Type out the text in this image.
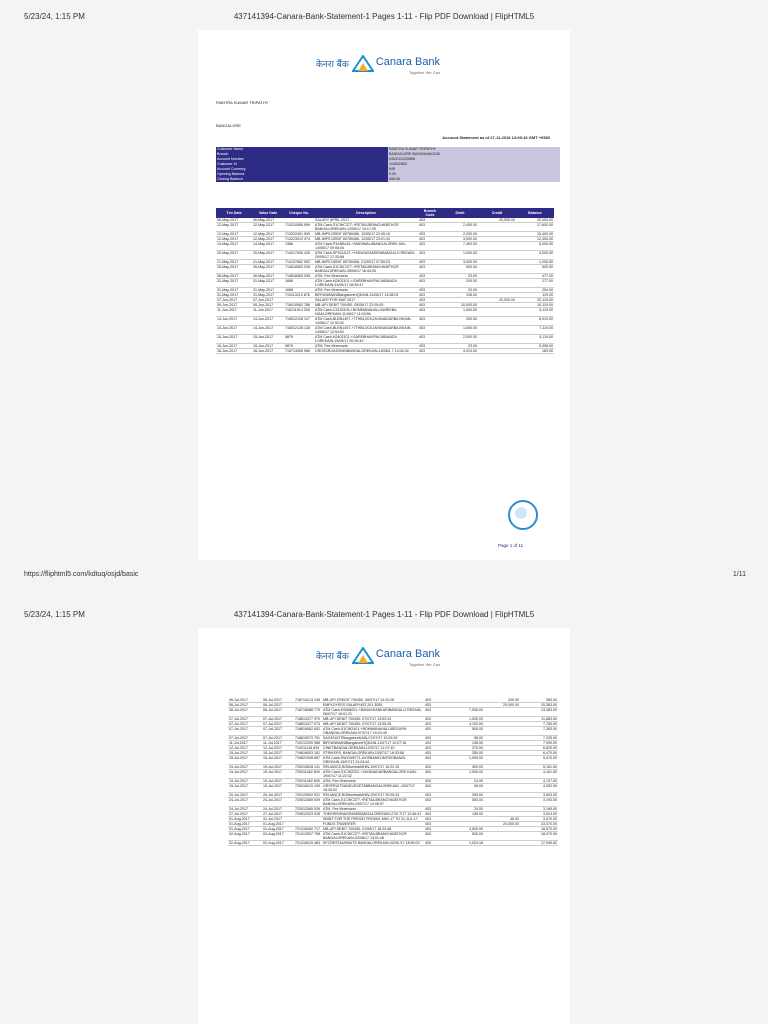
5/23/24, 1:15 PM	437141394-Canara-Bank-Statement-1 Pages 1-11 - Flip PDF Download | FlipHTML5
केनरा बैंक Canara Bank
Together We Can
PABITRA KUMAR TRIPATHY
BANGALORE
Account Statement as of 27-11-2019 13:09:10 GMT +0530
Customer Name	PABITRA KUMAR TRIPATHY
Branch	BANGALORE BASAVANAGUDI
Account Number	0403101200866
Customer Id	104842863
Account Currency	INR
Opening Balance	0.00
Closing Balance	668.66
Txn Date	Value Date	Cheque No.	Description	Branch Code	Debit	Credit	Balance
06-May-2017	06-May-2017		SALARY APRIL 2017	403		20,000.00	20,000.00
12-May-2017	12-May-2017	713210065 599	ATM Cash-S1CWC377-+RETAILBRANCH408THCR BANGALOREKAIN-12/05/17 10:17:25	403	2,450.00		17,600.00
12-May-2017	12-May-2017	713222401 599	MB-IMPS DEBIT 80789456- 12/05/17 22:45:15	403	2,200.00		15,400.00
12-May-2017	12-May-2017	713223013 474	MB-IMPS DEBIT 80789456- 12/05/17 23:01:34	403	3,000.00		12,400.00
14-May-2017	14-May-2017	1366	ATM Cash-P3ANBL51-+MADIWALABANGALOREK AIN-14/05/17 09:08:04	403	7,400.00		5,000.00
20-May-2017	20-May-2017	714017006 430	ATM Cash-SPCNJ127-+HONGASANDRABANGALO REKAIN-20/05/17 17:33:58	403	1,000.00		4,000.00
21-May-2017	21-May-2017	714107662 952	MB-IMPS DEBIT 80789456- 21/05/17 07:59:23	403	3,000.00		1,000.00
26-May-2017	26-May-2017	714616063 035	ATM Cash-S1CWC377-+RETAILBRANCH408THCR BANGALOREKAIN-26/05/17 16:44:25	403	500.00		500.00
26-May-2017	26-May-2017	714616063 035	ATM, Fee Mnemonic	403	23.00		477.00
31-May-2017	31-May-2017	1668	ATM Cash-H2402101-+GAREBHAVIPALYABANGA LOREKAIN-31/05/17 08:39:47	403	200.00		277.00
31-May-2017	31-May-2017	1668	ATM, Fee Mnemonic	403	23.00		254.00
31-May-2017	31-May-2017	715113210 676	BIRYANIMANIBangaloreHQKAIN-31/05/17 13:08:03	403	135.00		119.00
07-Jun-2017	07-Jun-2017		SALARY FOR MAY 2017	403		20,000.00	20,119.00
09-Jun-2017	09-Jun-2017	716010062 786	MB-UPI DEBIT 700450- 09/06/17 22:05:09	403	10,000.00		10,119.00
11-Jun-2017	11-Jun-2017	716211014 335	ATM Cash-C3133105-+BOMMANAHALLIIWRIEBA NGALOREKAIN-11/06/17 11:03:56	403	1,000.00		9,119.00
14-Jun-2017	14-Jun-2017	716512128 127	ATM Cash-BLBN1407-+7THBLOCKJAYANAGARBA NKAIN-14/06/17 12:52:52	403	200.00		8,919.00
14-Jun-2017	14-Jun-2017	716512128 128	ATM Cash-BLBN1407-+7THBLOCKJAYANAGARBA NKAIN-14/06/17 12:54:52	403	1,600.00		7,119.00
15-Jun-2017	15-Jun-2017	5879	ATM Cash-H2402101-+GAREBHAVIPALYABANGA LOREKAIN-15/06/17 20:26:40	403	2,000.00		5,119.00
15-Jun-2017	15-Jun-2017	5879	ATM, Fee Mnemonic	403	23.00		5,096.00
16-Jun-2017	16-Jun-2017	716714065 986	CROSSROADSINNBANGALOREKAIN-16/06/1 7 14:04:34	403	4,913.00		183.00
Page 1 of 11
https://fliphtml5.com/kdtuq/osjd/basic	1/11
5/23/24, 1:15 PM	437141394-Canara-Bank-Statement-1 Pages 1-11 - Flip PDF Download | FlipHTML5
केनरा बैंक Canara Bank
Together We Can
06-Jul-2017	06-Jul-2017	718714213 245	MB-UPI CREDIT 700450- 06/07/17 14:19:26	403		200.00	383.00
06-Jul-2017	06-Jul-2017		EMPLOYEES SALARY403 201 3050	403		20,000.00	20,383.00
06-Jul-2017	06-Jul-2017	718718088 779	ATM Cash-K0068001-+BANASHANKARIBANGALO REKAIN-06/07/17 18:01:21	403	7,000.00		13,383.00
07-Jul-2017	07-Jul-2017	718813477 070	MB-UPI DEBIT 700450- 07/07/17 13:53:33	403	1,500.00		11,883.00
07-Jul-2017	07-Jul-2017	718813477 073	MB-UPI DEBIT 700450- 07/07/17 13:55:35	403	4,100.00		7,783.00
07-Jul-2017	07-Jul-2017	718819062 602	ATM Cash-S1CW2401-+BOMMANAHALLIBEGURH OBANGALOREKAIN-07/07/17 19:23:49	403	500.00		7,283.00
07-Jul-2017	07-Jul-2017	718819073 751	SAGENJOTBangaloreKAIN-07/07/17 19:29:25	403	58.00		7,225.00
11-Jul-2017	11-Jul-2017	719212259 986	BIRYANIMANIBangaloreHQKAIN-11/07/17 12:07:18	403	135.00		7,090.00
12-Jul-2017	12-Jul-2017	719311118 839	CINETBANGALOREKAIN-12/07/17 11:07:40	403	270.00		6,820.00
15-Jul-2017	15-Jul-2017	719616003 181	STRIKERS, BANGALOREKAIN-15/07/17 16:33:58	403	350.00		6,470.00
15-Jul-2017	15-Jul-2017	719621008 667	ATM Cash-SWCW6771-AXISBANKLIMITEDBANGL OREKAIN-15/07/17 21:04:42	403	1,000.00		5,470.00
19-Jul-2017	19-Jul-2017	720010628 131	RELIANCE,BOMumbaiMHIN-19/07/17 10:22:15	403	309.00		5,161.00
19-Jul-2017	19-Jul-2017	720011062 839	ATM Cash-S1CW2202-+JAYANAGARBANGALORE KAIN-19/07/17 11:22:32	403	1,000.00		4,161.00
19-Jul-2017	19-Jul-2017	720011062 839	ATM, Fee Mnemonic	403	24.00		4,137.00
19-Jul-2017	19-Jul-2017	720016015 159	GRSFRUITSANDVEGETABBANGALOREKAIN -19/07/17 16:39:02	403	45.00		4,092.00
20-Jul-2017	20-Jul-2017	720120902 922	RELIANCE,BOMumbaiMHIN-20/07/17 20:09:43	403	399.00		3,693.00
24-Jul-2017	24-Jul-2017	720512065 539	ATM Cash-S1CWC377-+RETAILBRANCH408THCR BANGALOREKAIN-24/07/17 12:06:57	403	500.00		3,193.00
24-Jul-2017	24-Jul-2017	720512065 539	ATM, Fee Mnemonic	403	24.00		3,169.00
27-Jul-2017	27-Jul-2017	720812023 028	THEKRISHNAGRANDBANGALOREKAIN-27/0 7/17 12:46:41	403	145.00		3,024.00
01-Aug-2017	31-Jul-2017		SBINT FOR THE PERIOD FROM01-MAY-17 TO 31-JUL-17	403		46.00	3,070.00
01-Aug-2017	01-Aug-2017		FUNDS TRANSFER	403		20,000.00	23,070.00
01-Aug-2017	01-Aug-2017	721316060 717	MB-UPI DEBIT 700450- 01/08/17 18:23:48	403	4,500.00		18,570.00
02-Aug-2017	02-Aug-2017	721413007 798	ATM Cash-S1CWC377-+RETAILBRANCH408THCR BANGALOREKAIN-02/08/17 13:01:48	403	500.00		18,070.00
02-Aug-2017	02-Aug-2017	721418015 483	KFCRESTAURANTS BANGALOREKAIN-02/08 /17 18:50:02	403	1,024.18		17,045.82
